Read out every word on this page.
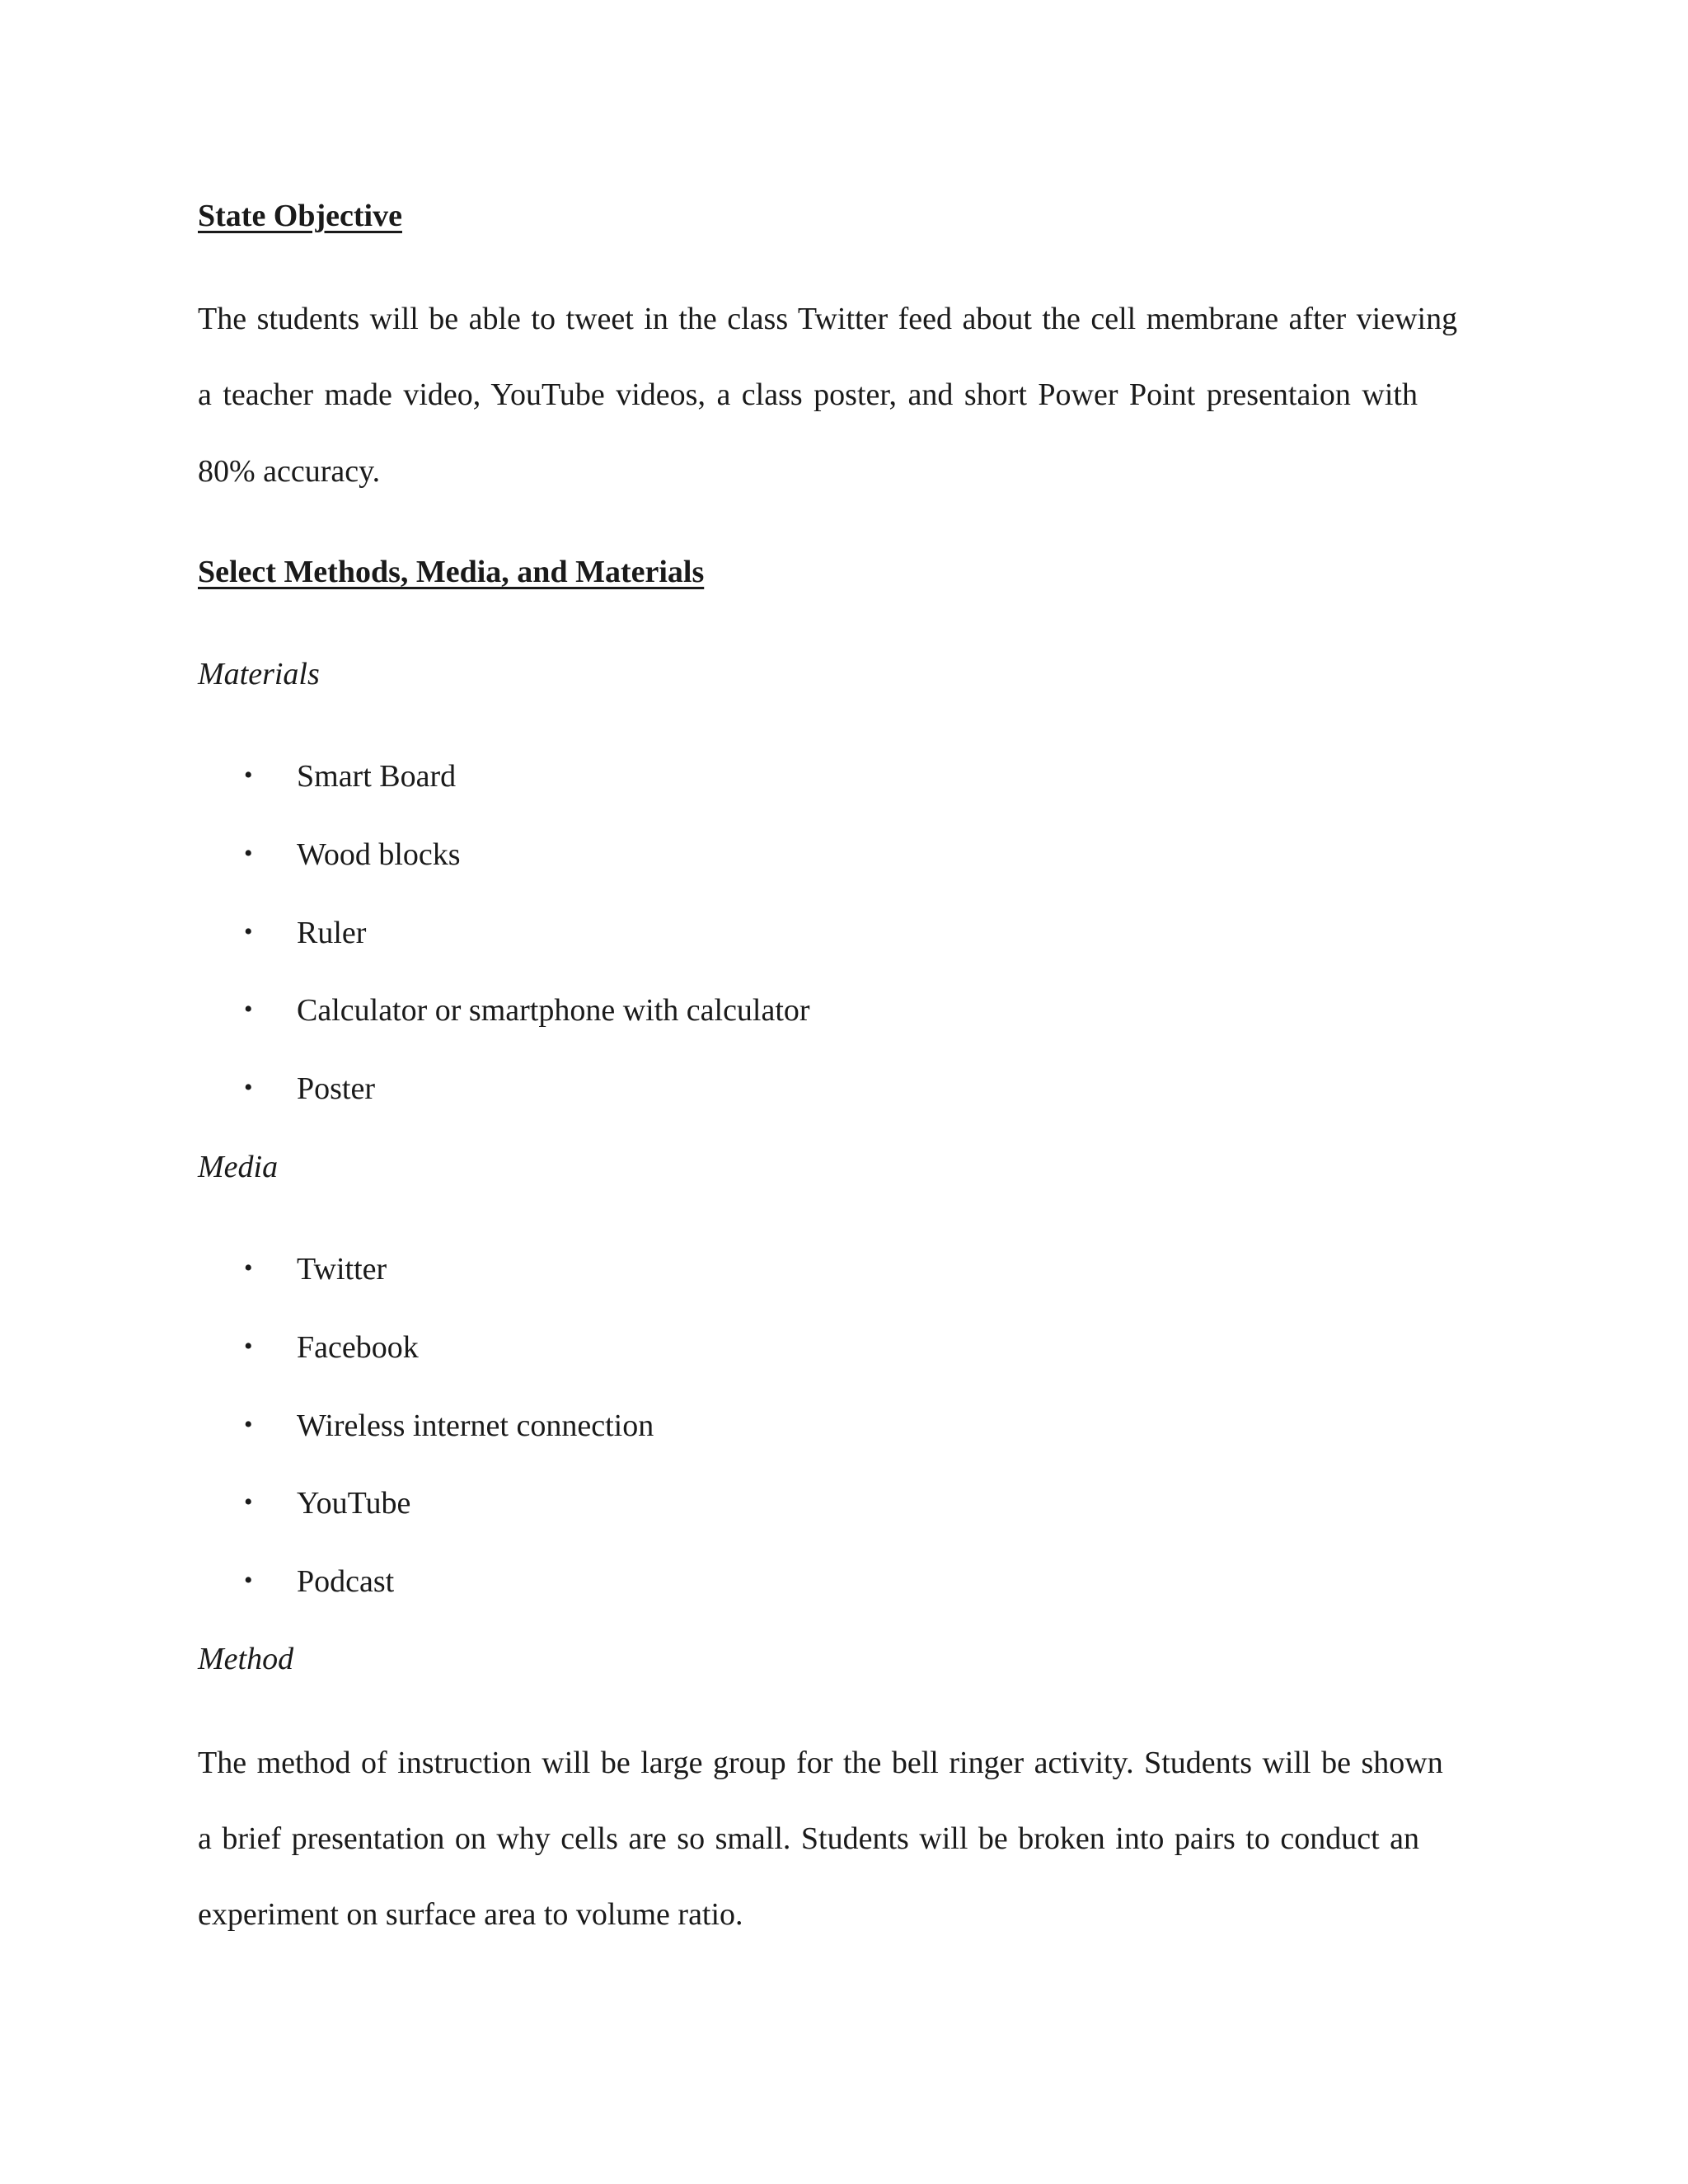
State Objective
The students will be able to tweet in the class Twitter feed about the cell membrane after viewing
a teacher made video, YouTube videos, a class poster, and short Power Point presentaion with
80% accuracy.
Select Methods, Media, and Materials
Materials
• Smart Board
• Wood blocks
• Ruler
• Calculator or smartphone with calculator
• Poster
Media
• Twitter
• Facebook
• Wireless internet connection
• YouTube
• Podcast
Method
The method of instruction will be large group for the bell ringer activity. Students will be shown
a brief presentation on why cells are so small. Students will be broken into pairs to conduct an
experiment on surface area to volume ratio.
